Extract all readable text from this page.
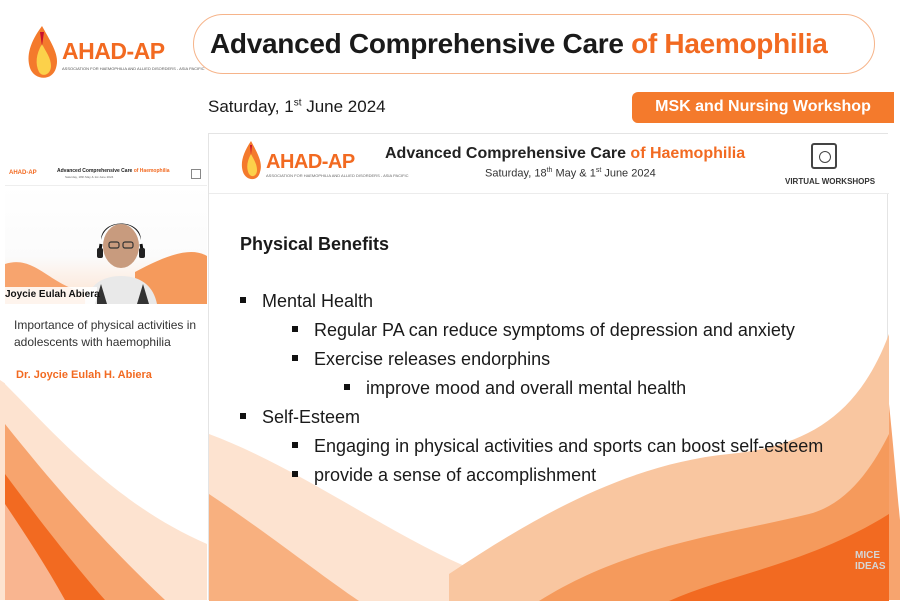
AHAD-AP
ASSOCIATION FOR HAEMOPHILIA AND ALLIED DISORDERS - ASIA PACIFIC
Advanced Comprehensive Care of Haemophilia
Saturday, 1st June 2024	MSK and Nursing Workshop
AHAD-AP	Advanced Comprehensive Care of Haemophilia
Saturday, 18th May & 1st June 2024
Joycie Eulah Abiera
Importance of physical activities in adolescents with haemophilia
Dr. Joycie Eulah H. Abiera
AHAD-AP
ASSOCIATION FOR HAEMOPHILIA AND ALLIED DISORDERS - ASIA PACIFIC
Advanced Comprehensive Care of Haemophilia
Saturday, 18th May & 1st June 2024
VIRTUAL WORKSHOPS
Physical Benefits
Mental Health
Regular PA can reduce symptoms of depression and anxiety
Exercise releases endorphins
improve mood and overall mental health
Self-Esteem
Engaging in physical activities and sports can boost self-esteem
provide a sense of accomplishment
MICE
IDEAS
